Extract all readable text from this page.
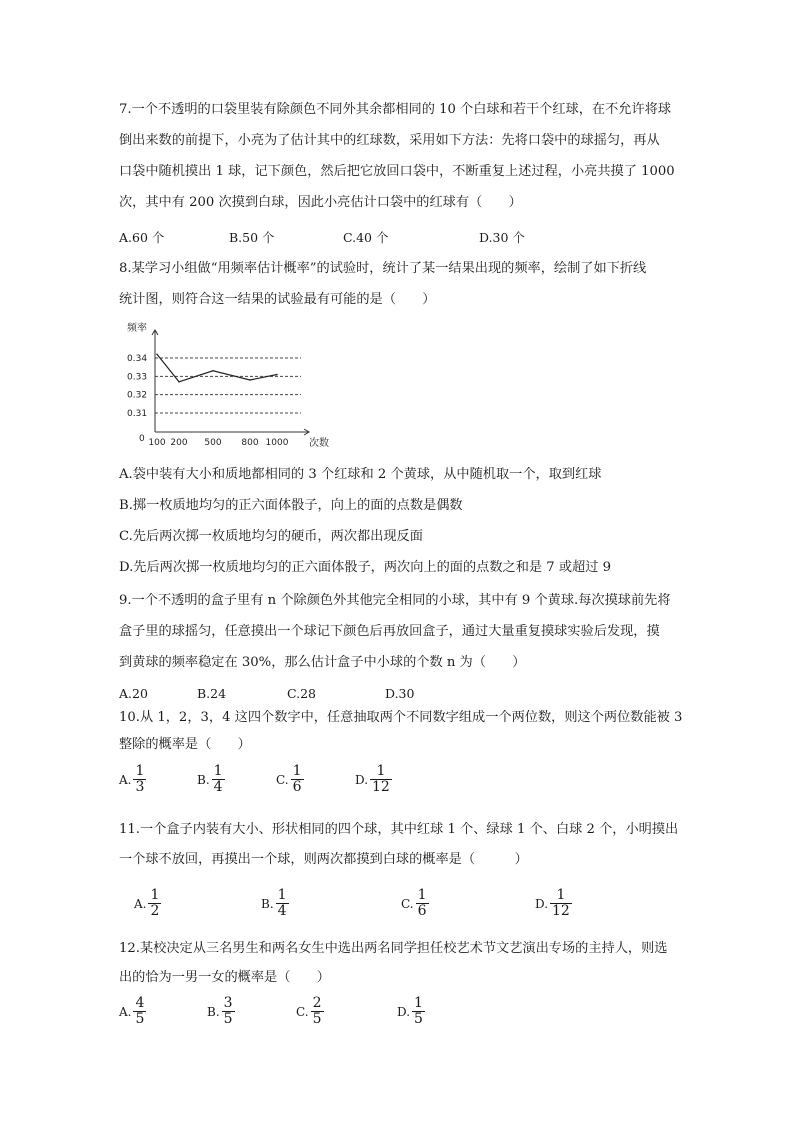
7.一个不透明的口袋里装有除颜色不同外其余都相同的 10 个白球和若干个红球，在不允许将球
倒出来数的前提下，小亮为了估计其中的红球数，采用如下方法：先将口袋中的球摇匀，再从
口袋中随机摸出 1 球，记下颜色，然后把它放回口袋中，不断重复上述过程，小亮共摸了 1000
次，其中有 200 次摸到白球，因此小亮估计口袋中的红球有（　　）
A.60 个	B.50 个	C.40 个	D.30 个
8.某学习小组做“用频率估计概率”的试验时，统计了某一结果出现的频率，绘制了如下折线
统计图，则符合这一结果的试验最有可能的是（　　）
频率
次数
0
0.34
0.33
0.32
0.31
100 200 500 800 1000
A.袋中装有大小和质地都相同的 3 个红球和 2 个黄球，从中随机取一个，取到红球
B.掷一枚质地均匀的正六面体骰子，向上的面的点数是偶数
C.先后两次掷一枚质地均匀的硬币，两次都出现反面
D.先后两次掷一枚质地均匀的正六面体骰子，两次向上的面的点数之和是 7 或超过 9
9.一个不透明的盒子里有 n 个除颜色外其他完全相同的小球，其中有 9 个黄球.每次摸球前先将
盒子里的球摇匀，任意摸出一个球记下颜色后再放回盒子，通过大量重复摸球实验后发现，摸
到黄球的频率稳定在 30%，那么估计盒子中小球的个数 n 为（　　）
A.20	B.24	C.28	D.30
10.从 1，2，3，4 这四个数字中，任意抽取两个不同数字组成一个两位数，则这个两位数能被 3
整除的概率是（　　）
A. $\frac{1}{3}$	B. $\frac{1}{4}$	C. $\frac{1}{6}$	D. $\frac{1}{12}$
11.一个盒子内装有大小、形状相同的四个球，其中红球 1 个、绿球 1 个、白球 2 个，小明摸出
一个球不放回，再摸出一个球，则两次都摸到白球的概率是（　　　）
A. $\frac{1}{2}$	B. $\frac{1}{4}$	C. $\frac{1}{6}$	D. $\frac{1}{12}$
12.某校决定从三名男生和两名女生中选出两名同学担任校艺术节文艺演出专场的主持人，则选
出的恰为一男一女的概率是（　　）
A. $\frac{4}{5}$	B. $\frac{3}{5}$	C. $\frac{2}{5}$	D. $\frac{1}{5}$
